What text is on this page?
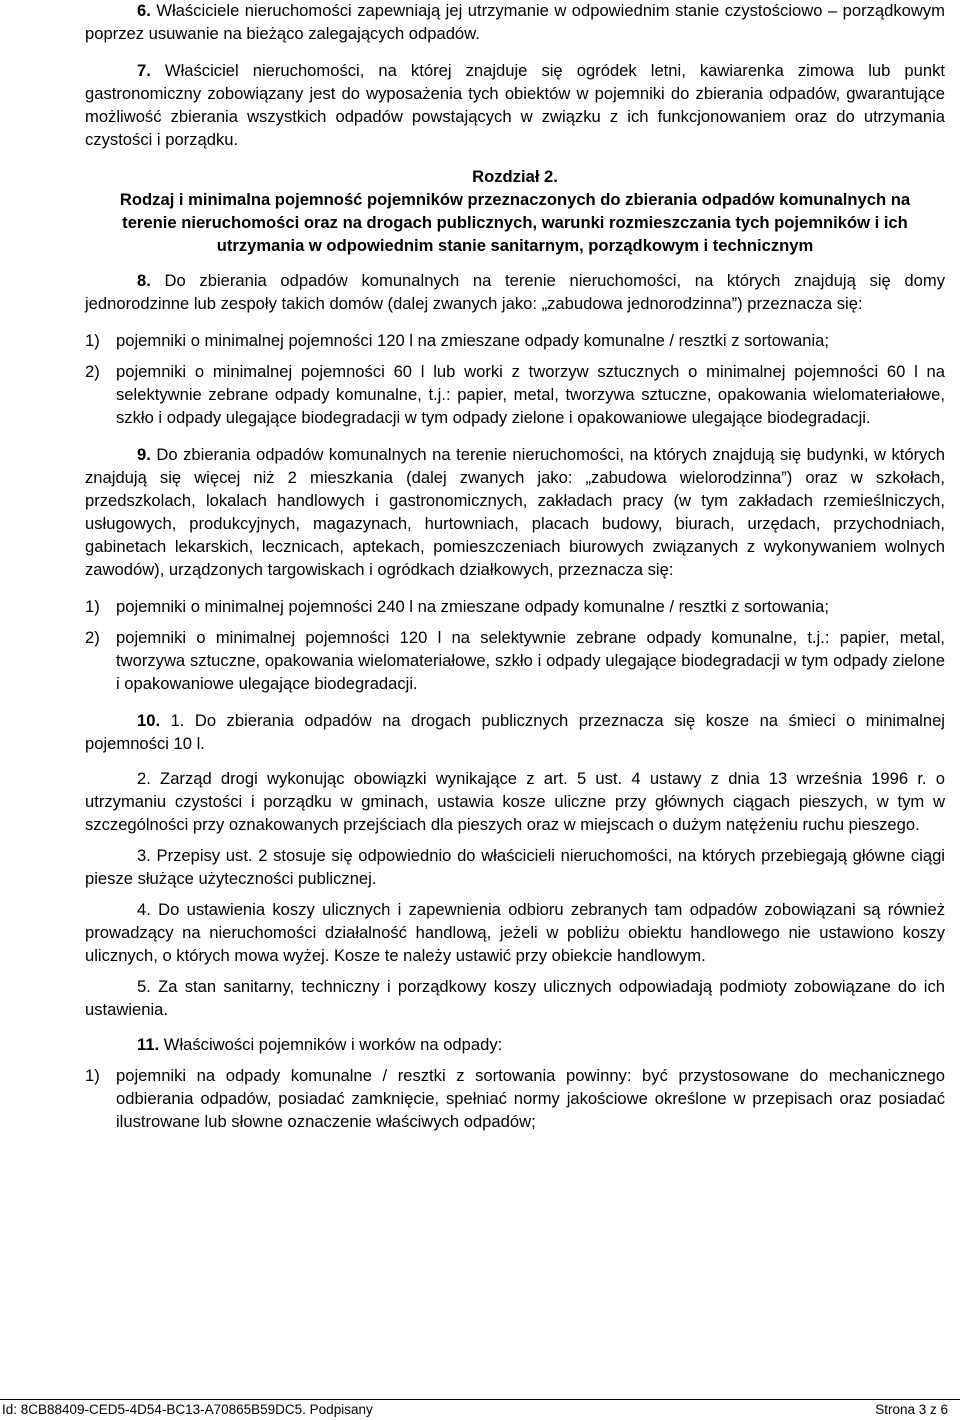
6. Właściciele nieruchomości zapewniają jej utrzymanie w odpowiednim stanie czystościowo – porządkowym poprzez usuwanie na bieżąco zalegających odpadów.

7. Właściciel nieruchomości, na której znajduje się ogródek letni, kawiarenka zimowa lub punkt gastronomiczny zobowiązany jest do wyposażenia tych obiektów w pojemniki do zbierania odpadów, gwarantujące możliwość zbierania wszystkich odpadów powstających w związku z ich funkcjonowaniem oraz do utrzymania czystości i porządku.

Rozdział 2.

Rodzaj i minimalna pojemność pojemników przeznaczonych do zbierania odpadów komunalnych na terenie nieruchomości oraz na drogach publicznych, warunki rozmieszczania tych pojemników i ich utrzymania w odpowiednim stanie sanitarnym, porządkowym i technicznym

8. Do zbierania odpadów komunalnych na terenie nieruchomości, na których znajdują się domy jednorodzinne lub zespoły takich domów (dalej zwanych jako: „zabudowa jednorodzinna”) przeznacza się:

1) pojemniki o minimalnej pojemności 120 l na zmieszane odpady komunalne / resztki z sortowania;
2) pojemniki o minimalnej pojemności 60 l lub worki z tworzyw sztucznych o minimalnej pojemności 60 l na selektywnie zebrane odpady komunalne, t.j.: papier, metal, tworzywa sztuczne, opakowania wielomateriałowe, szkło i odpady ulegające biodegradacji w tym odpady zielone i opakowaniowe ulegające biodegradacji.

9. Do zbierania odpadów komunalnych na terenie nieruchomości, na których znajdują się budynki, w których znajdują się więcej niż 2 mieszkania (dalej zwanych jako: „zabudowa wielorodzinna”) oraz w szkołach, przedszkolach, lokalach handlowych i gastronomicznych, zakładach pracy (w tym zakładach rzemieślniczych, usługowych, produkcyjnych, magazynach, hurtowniach, placach budowy, biurach, urzędach, przychodniach, gabinetach lekarskich, lecznicach, aptekach, pomieszczeniach biurowych związanych z wykonywaniem wolnych zawodów), urządzonych targowiskach i ogródkach działkowych, przeznacza się:

1) pojemniki o minimalnej pojemności 240 l na zmieszane odpady komunalne / resztki z sortowania;
2) pojemniki o minimalnej pojemności 120 l na selektywnie zebrane odpady komunalne, t.j.: papier, metal, tworzywa sztuczne, opakowania wielomateriałowe, szkło i odpady ulegające biodegradacji w tym odpady zielone i opakowaniowe ulegające biodegradacji.

10. 1. Do zbierania odpadów na drogach publicznych przeznacza się kosze na śmieci o minimalnej pojemności 10 l.

2. Zarząd drogi wykonując obowiązki wynikające z art. 5 ust. 4 ustawy z dnia 13 września 1996 r. o utrzymaniu czystości i porządku w gminach, ustawia kosze uliczne przy głównych ciągach pieszych, w tym w szczególności przy oznakowanych przejściach dla pieszych oraz w miejscach o dużym natężeniu ruchu pieszego.

3. Przepisy ust. 2 stosuje się odpowiednio do właścicieli nieruchomości, na których przebiegają główne ciągi piesze służące użyteczności publicznej.

4. Do ustawienia koszy ulicznych i zapewnienia odbioru zebranych tam odpadów zobowiązani są również prowadzący na nieruchomości działalność handlową, jeżeli w pobliżu obiektu handlowego nie ustawiono koszy ulicznych, o których mowa wyżej. Kosze te należy ustawić przy obiekcie handlowym.

5. Za stan sanitarny, techniczny i porządkowy koszy ulicznych odpowiadają podmioty zobowiązane do ich ustawienia.

11. Właściwości pojemników i worków na odpady:

1) pojemniki na odpady komunalne / resztki z sortowania powinny: być przystosowane do mechanicznego odbierania odpadów, posiadać zamknięcie, spełniać normy jakościowe określone w przepisach oraz posiadać ilustrowane lub słowne oznaczenie właściwych odpadów;
Id: 8CB88409-CED5-4D54-BC13-A70865B59DC5. Podpisany	Strona 3 z 6
